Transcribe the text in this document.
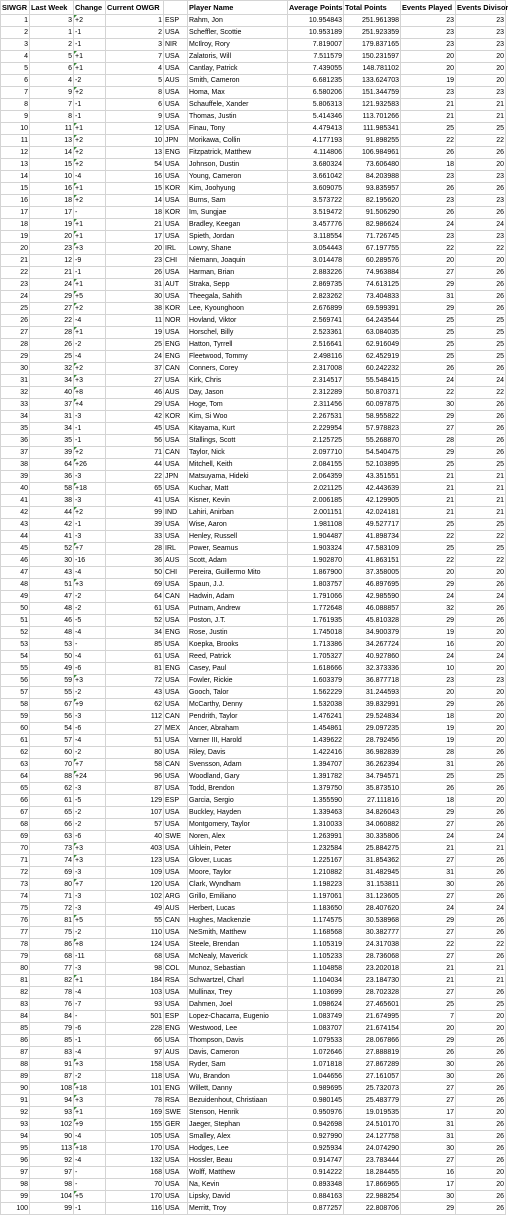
SIWGR	Last Week	Change	Current OWGR		Player Name	Average Points	Total Points	Events Played	Events Divisor
1	3	+2	1	ESP	Rahm, Jon	10.954843	251.961398	23	23
2	1	-1	2	USA	Scheffler, Scottie	10.953189	251.923359	23	23
3	2	-1	3	NIR	McIlroy, Rory	7.819007	179.837165	23	23
4	5	+1	7	USA	Zalatoris, Will	7.511579	150.231597	20	20
5	6	+1	4	USA	Cantlay, Patrick	7.439055	148.781102	20	20
6	4	-2	5	AUS	Smith, Cameron	6.681235	133.624703	19	20
7	9	+2	8	USA	Homa, Max	6.580206	151.344759	23	23
8	7	-1	6	USA	Schauffele, Xander	5.806313	121.932583	21	21
9	8	-1	9	USA	Thomas, Justin	5.414346	113.701266	21	21
10	11	+1	12	USA	Finau, Tony	4.479413	111.985341	25	25
11	13	+2	10	JPN	Morikawa, Collin	4.177193	91.898255	22	22
12	14	+2	13	ENG	Fitzpatrick, Matthew	4.114806	106.984961	26	26
13	15	+2	54	USA	Johnson, Dustin	3.680324	73.606480	18	20
14	10	-4	16	USA	Young, Cameron	3.661042	84.203988	23	23
15	16	+1	15	KOR	Kim, Joohyung	3.609075	93.835957	26	26
16	18	+2	14	USA	Burns, Sam	3.573722	82.195620	23	23
17	17	-	18	KOR	Im, Sungjae	3.519472	91.506290	26	26
18	19	+1	21	USA	Bradley, Keegan	3.457776	82.986624	24	24
19	20	+1	17	USA	Spieth, Jordan	3.118554	71.726745	23	23
20	23	+3	20	IRL	Lowry, Shane	3.054443	67.197755	22	22
21	12	-9	23	CHI	Niemann, Joaquin	3.014478	60.289576	20	20
22	21	-1	26	USA	Harman, Brian	2.883226	74.963884	27	26
23	24	+1	31	AUT	Straka, Sepp	2.869735	74.613125	29	26
24	29	+5	30	USA	Theegala, Sahith	2.823262	73.404833	31	26
25	27	+2	38	KOR	Lee, Kyounghoon	2.676899	69.599391	29	26
26	22	-4	11	NOR	Hovland, Viktor	2.569741	64.243544	25	25
27	28	+1	19	USA	Horschel, Billy	2.523361	63.084035	25	25
28	26	-2	25	ENG	Hatton, Tyrrell	2.516641	62.916049	25	25
29	25	-4	24	ENG	Fleetwood, Tommy	2.498116	62.452919	25	25
30	32	+2	37	CAN	Conners, Corey	2.317008	60.242232	26	26
31	34	+3	27	USA	Kirk, Chris	2.314517	55.548415	24	24
32	40	+8	46	AUS	Day, Jason	2.312289	50.870371	22	22
33	37	+4	29	USA	Hoge, Tom	2.311456	60.097875	30	26
34	31	-3	42	KOR	Kim, Si Woo	2.267531	58.955822	29	26
35	34	-1	45	USA	Kitayama, Kurt	2.229954	57.978823	27	26
36	35	-1	56	USA	Stallings, Scott	2.125725	55.268870	28	26
37	39	+2	71	CAN	Taylor, Nick	2.097710	54.540475	29	26
38	64	+26	44	USA	Mitchell, Keith	2.084155	52.103895	25	25
39	36	-3	22	JPN	Matsuyama, Hideki	2.064359	43.351551	21	21
40	58	+18	65	USA	Kuchar, Matt	2.021125	42.443639	21	21
41	38	-3	41	USA	Kisner, Kevin	2.006185	42.129905	21	21
42	44	+2	99	IND	Lahiri, Anirban	2.001151	42.024181	21	21
43	42	-1	39	USA	Wise, Aaron	1.981108	49.527717	25	25
44	41	-3	33	USA	Henley, Russell	1.904487	41.898734	22	22
45	52	+7	28	IRL	Power, Seamus	1.903324	47.583109	25	25
46	30	-16	36	AUS	Scott, Adam	1.902870	41.863151	22	22
47	43	-4	50	CHI	Pereira, Guillermo Mito	1.867900	37.358005	20	20
48	51	+3	69	USA	Spaun, J.J.	1.803757	46.897695	29	26
49	47	-2	64	CAN	Hadwin, Adam	1.791066	42.985590	24	24
50	48	-2	61	USA	Putnam, Andrew	1.772648	46.088857	32	26
51	46	-5	52	USA	Poston, J.T.	1.761935	45.810328	29	26
52	48	-4	34	ENG	Rose, Justin	1.745018	34.900379	19	20
53	53	-	85	USA	Koepka, Brooks	1.713386	34.267724	16	20
54	50	-4	61	USA	Reed, Patrick	1.705327	40.927860	24	24
55	49	-6	81	ENG	Casey, Paul	1.618666	32.373336	10	20
56	59	+3	72	USA	Fowler, Rickie	1.603379	36.877718	23	23
57	55	-2	43	USA	Gooch, Talor	1.562229	31.244593	20	20
58	67	+9	62	USA	McCarthy, Denny	1.532038	39.832991	29	26
59	56	-3	112	CAN	Pendrith, Taylor	1.476241	29.524834	18	20
60	54	-6	27	MEX	Ancer, Abraham	1.454861	29.097235	19	20
61	57	-4	51	USA	Varner III, Harold	1.439622	28.792456	19	20
62	60	-2	80	USA	Riley, Davis	1.422416	36.982839	28	26
63	70	+7	58	CAN	Svensson, Adam	1.394707	36.262394	31	26
64	88	+24	96	USA	Woodland, Gary	1.391782	34.794571	25	25
65	62	-3	87	USA	Todd, Brendon	1.379750	35.873510	26	26
66	61	-5	129	ESP	Garcia, Sergio	1.355590	27.111816	18	20
67	65	-2	107	USA	Buckley, Hayden	1.339463	34.826043	29	26
68	66	-2	57	USA	Montgomery, Taylor	1.310033	34.060882	27	26
69	63	-6	40	SWE	Noren, Alex	1.263991	30.335806	24	24
70	73	+3	403	USA	Uihlein, Peter	1.232584	25.884275	21	21
71	74	+3	123	USA	Glover, Lucas	1.225167	31.854362	27	26
72	69	-3	109	USA	Moore, Taylor	1.210882	31.482945	31	26
73	80	+7	120	USA	Clark, Wyndham	1.198223	31.153811	30	26
74	71	-3	102	ARG	Grillo, Emiliano	1.197061	31.123605	27	26
75	72	-3	49	AUS	Herbert, Lucas	1.183650	28.407620	24	24
76	81	+5	55	CAN	Hughes, Mackenzie	1.174575	30.538968	29	26
77	75	-2	110	USA	NeSmith, Matthew	1.168568	30.382777	27	26
78	86	+8	124	USA	Steele, Brendan	1.105319	24.317038	22	22
79	68	-11	68	USA	McNealy, Maverick	1.105233	28.736068	27	26
80	77	-3	98	COL	Munoz, Sebastian	1.104858	23.202018	21	21
81	82	+1	184	RSA	Schwartzel, Charl	1.104034	23.184730	21	21
82	78	-4	103	USA	Mullinax, Trey	1.103699	28.702328	27	26
83	76	-7	93	USA	Dahmen, Joel	1.098624	27.465601	25	25
84	84	-	501	ESP	Lopez-Chacarra, Eugenio	1.083749	21.674995	7	20
85	79	-6	228	ENG	Westwood, Lee	1.083707	21.674154	20	20
86	85	-1	66	USA	Thompson, Davis	1.079533	28.067866	29	26
87	83	-4	97	AUS	Davis, Cameron	1.072646	27.888819	26	26
88	91	+3	158	USA	Ryder, Sam	1.071818	27.867289	30	26
89	87	-2	118	USA	Wu, Brandon	1.044656	27.161057	30	26
90	108	+18	101	ENG	Willett, Danny	0.989695	25.732073	27	26
91	94	+3	78	RSA	Bezuidenhout, Christiaan	0.980145	25.483779	27	26
92	93	+1	169	SWE	Stenson, Henrik	0.950976	19.019535	17	20
93	102	+9	155	GER	Jaeger, Stephan	0.942698	24.510170	31	26
94	90	-4	105	USA	Smalley, Alex	0.927990	24.127758	31	26
95	113	+18	170	USA	Hodges, Lee	0.925934	24.074290	30	26
96	92	-4	132	USA	Hossler, Beau	0.914747	23.783444	27	26
97	97	-	168	USA	Wolff, Matthew	0.914222	18.284455	16	20
98	98	-	70	USA	Na, Kevin	0.893348	17.866965	17	20
99	104	+5	170	USA	Lipsky, David	0.884163	22.988254	30	26
100	99	-1	116	USA	Merritt, Troy	0.877257	22.808706	29	26
